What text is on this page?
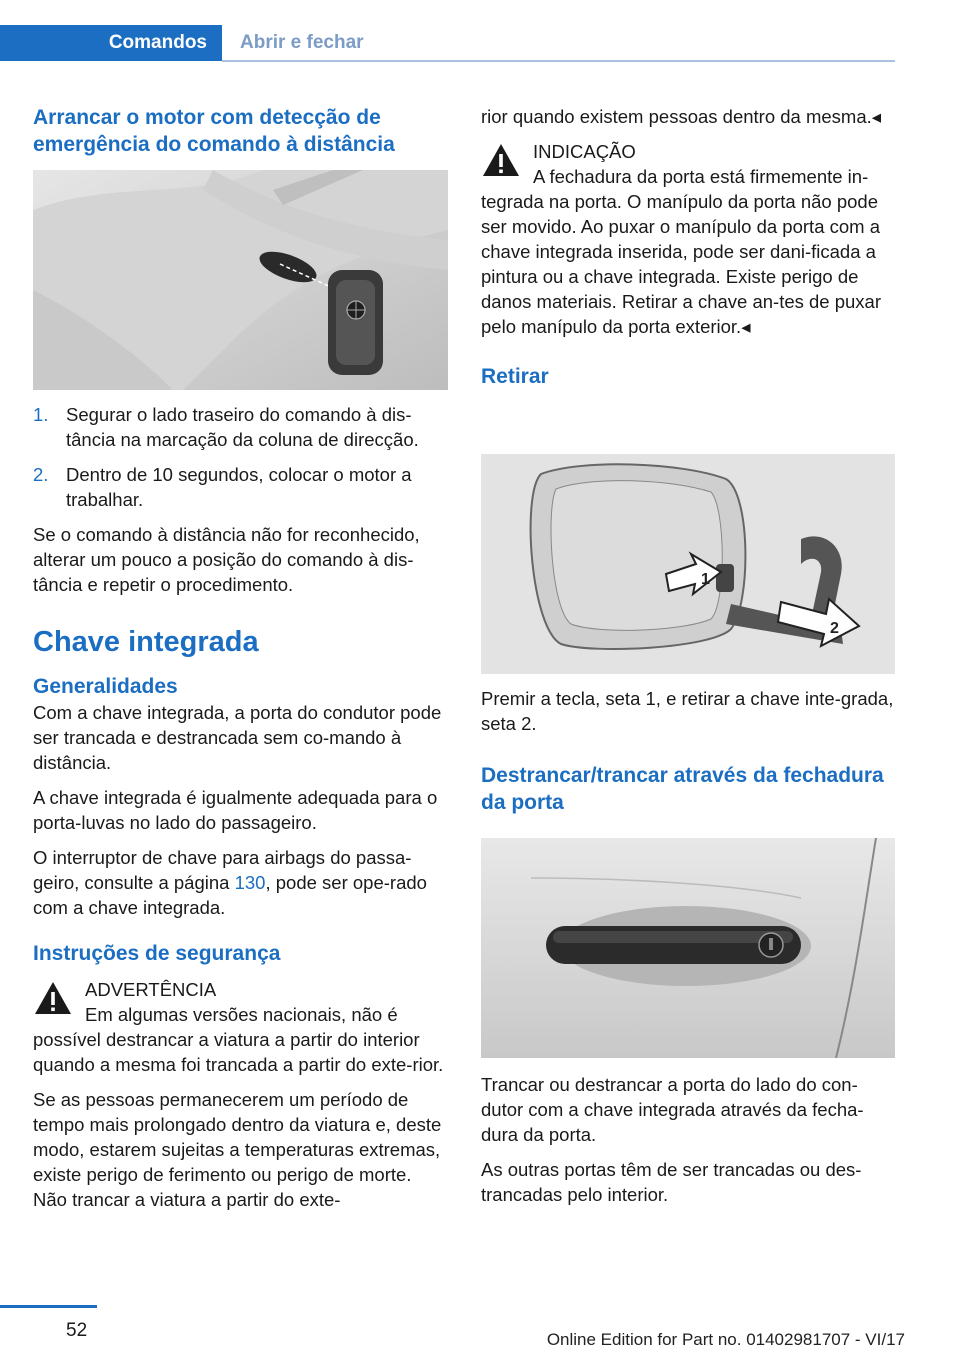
Comandos Abrir e fechar
Arrancar o motor com detecção de emergência do comando à distância
1. Segurar o lado traseiro do comando à dis-tância na marcação da coluna de direcção.
2. Dentro de 10 segundos, colocar o motor a trabalhar.

Se o comando à distância não for reconhecido, alterar um pouco a posição do comando à dis-tância e repetir o procedimento.

Chave integrada
Generalidades

Com a chave integrada, a porta do condutor pode ser trancada e destrancada sem co-mando à distância.

A chave integrada é igualmente adequada para o porta-luvas no lado do passageiro.

O interruptor de chave para airbags do passa-geiro, consulte a página 130, pode ser ope-rado com a chave integrada.

Instruções de segurança
ADVERTÊNCIA

Em algumas versões nacionais, não é possível destrancar a viatura a partir do interior quando a mesma foi trancada a partir do exte-rior.

Se as pessoas permanecerem um período de tempo mais prolongado dentro da viatura e, deste modo, estarem sujeitas a temperaturas extremas, existe perigo de ferimento ou perigo de morte. Não trancar a viatura a partir do exte-

rior quando existem pessoas dentro da mesma.◂

INDICAÇÃO

A fechadura da porta está firmemente in-tegrada na porta. O manípulo da porta não pode ser movido. Ao puxar o manípulo da porta com a chave integrada inserida, pode ser dani-ficada a pintura ou a chave integrada. Existe perigo de danos materiais. Retirar a chave an-tes de puxar pelo manípulo da porta exterior.◂

Retirar
1
2

Premir a tecla, seta 1, e retirar a chave inte-grada, seta 2.

Destrancar/trancar através da fechadura da porta

Trancar ou destrancar a porta do lado do con-dutor com a chave integrada através da fecha-dura da porta.

As outras portas têm de ser trancadas ou des-trancadas pelo interior.

52	Online Edition for Part no. 01402981707 - VI/17
